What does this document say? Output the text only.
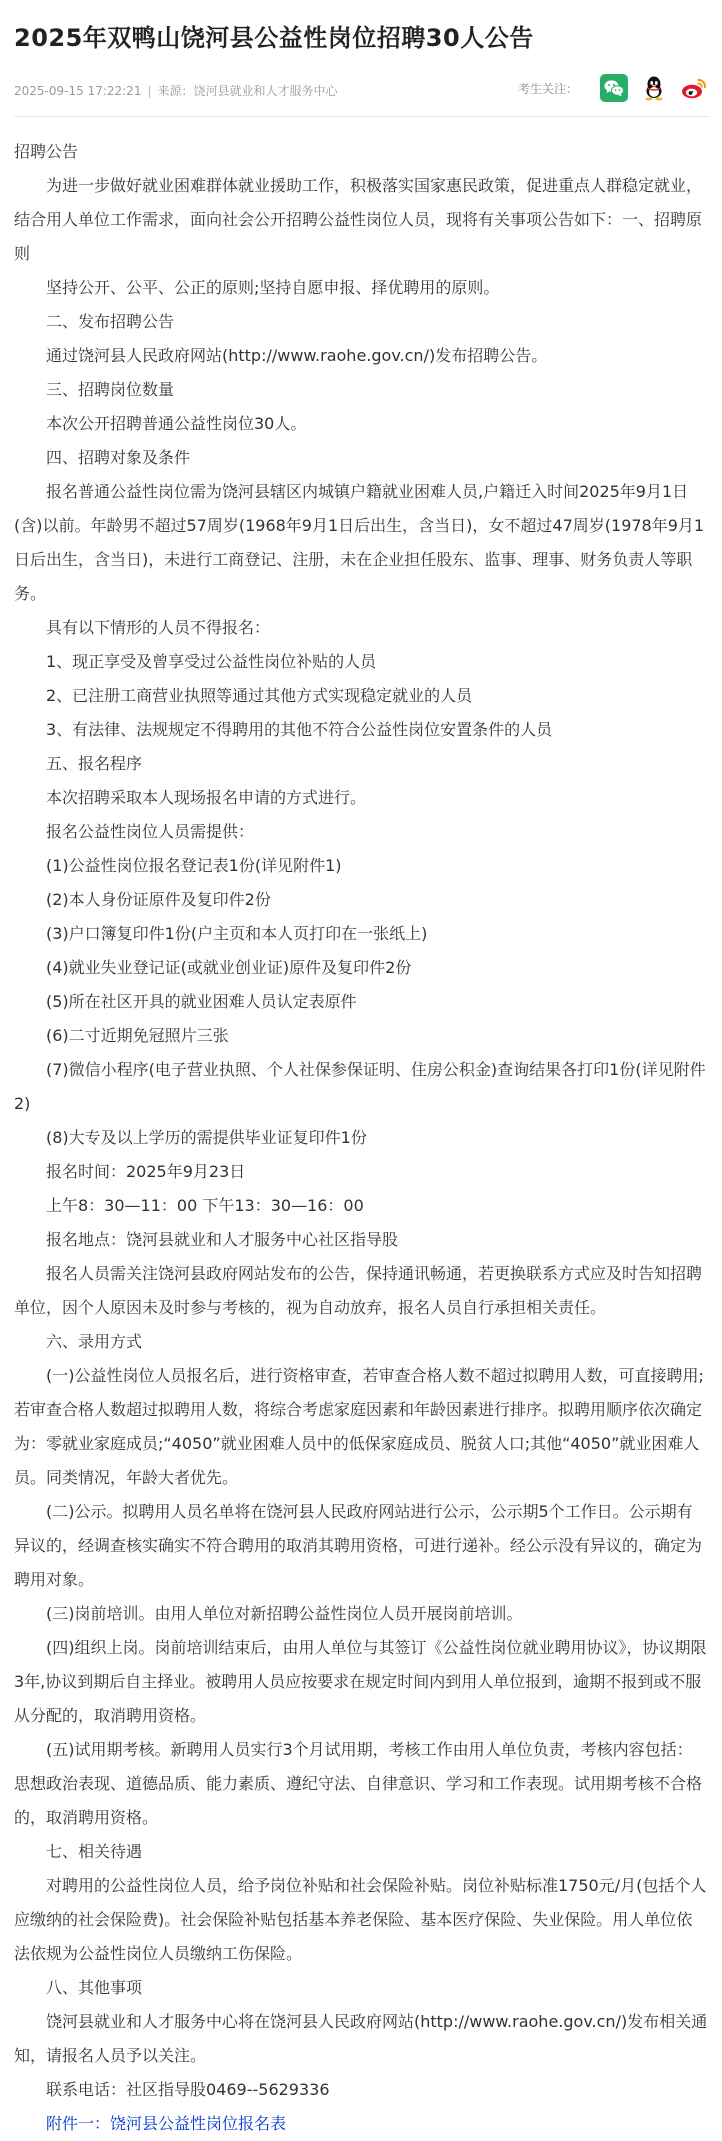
2025年双鸭山饶河县公益性岗位招聘30人公告
2025-09-15 17:22:21 | 来源：饶河县就业和人才服务中心	考生关注：

招聘公告

为进一步做好就业困难群体就业援助工作，积极落实国家惠民政策，促进重点人群稳定就业，结合用人单位工作需求，面向社会公开招聘公益性岗位人员，现将有关事项公告如下：一、招聘原则

坚持公开、公平、公正的原则;坚持自愿申报、择优聘用的原则。

二、发布招聘公告

通过饶河县人民政府网站(http://www.raohe.gov.cn/)发布招聘公告。

三、招聘岗位数量

本次公开招聘普通公益性岗位30人。

四、招聘对象及条件

报名普通公益性岗位需为饶河县辖区内城镇户籍就业困难人员,户籍迁入时间2025年9月1日(含)以前。年龄男不超过57周岁(1968年9月1日后出生，含当日)，女不超过47周岁(1978年9月1日后出生，含当日)，未进行工商登记、注册，未在企业担任股东、监事、理事、财务负责人等职务。

具有以下情形的人员不得报名：

1、现正享受及曾享受过公益性岗位补贴的人员

2、已注册工商营业执照等通过其他方式实现稳定就业的人员

3、有法律、法规规定不得聘用的其他不符合公益性岗位安置条件的人员

五、报名程序

本次招聘采取本人现场报名申请的方式进行。

报名公益性岗位人员需提供：

(1)公益性岗位报名登记表1份(详见附件1)

(2)本人身份证原件及复印件2份

(3)户口簿复印件1份(户主页和本人页打印在一张纸上)

(4)就业失业登记证(或就业创业证)原件及复印件2份

(5)所在社区开具的就业困难人员认定表原件

(6)二寸近期免冠照片三张

(7)微信小程序(电子营业执照、个人社保参保证明、住房公积金)查询结果各打印1份(详见附件2)

(8)大专及以上学历的需提供毕业证复印件1份

报名时间：2025年9月23日

上午8：30—11：00 下午13：30—16：00

报名地点：饶河县就业和人才服务中心社区指导股

报名人员需关注饶河县政府网站发布的公告，保持通讯畅通，若更换联系方式应及时告知招聘单位，因个人原因未及时参与考核的，视为自动放弃，报名人员自行承担相关责任。

六、录用方式

(一)公益性岗位人员报名后，进行资格审查，若审查合格人数不超过拟聘用人数，可直接聘用;若审查合格人数超过拟聘用人数，将综合考虑家庭因素和年龄因素进行排序。拟聘用顺序依次确定为：零就业家庭成员;“4050”就业困难人员中的低保家庭成员、脱贫人口;其他“4050”就业困难人员。同类情况，年龄大者优先。

(二)公示。拟聘用人员名单将在饶河县人民政府网站进行公示，公示期5个工作日。公示期有异议的，经调查核实确实不符合聘用的取消其聘用资格，可进行递补。经公示没有异议的，确定为聘用对象。

(三)岗前培训。由用人单位对新招聘公益性岗位人员开展岗前培训。

(四)组织上岗。岗前培训结束后，由用人单位与其签订《公益性岗位就业聘用协议》，协议期限3年,协议到期后自主择业。被聘用人员应按要求在规定时间内到用人单位报到，逾期不报到或不服从分配的，取消聘用资格。

(五)试用期考核。新聘用人员实行3个月试用期，考核工作由用人单位负责，考核内容包括：思想政治表现、道德品质、能力素质、遵纪守法、自律意识、学习和工作表现。试用期考核不合格的，取消聘用资格。

七、相关待遇

对聘用的公益性岗位人员，给予岗位补贴和社会保险补贴。岗位补贴标准1750元/月(包括个人应缴纳的社会保险费)。社会保险补贴包括基本养老保险、基本医疗保险、失业保险。用人单位依法依规为公益性岗位人员缴纳工伤保险。

八、其他事项

饶河县就业和人才服务中心将在饶河县人民政府网站(http://www.raohe.gov.cn/)发布相关通知，请报名人员予以关注。

联系电话：社区指导股0469--5629336

附件一：饶河县公益性岗位报名表
